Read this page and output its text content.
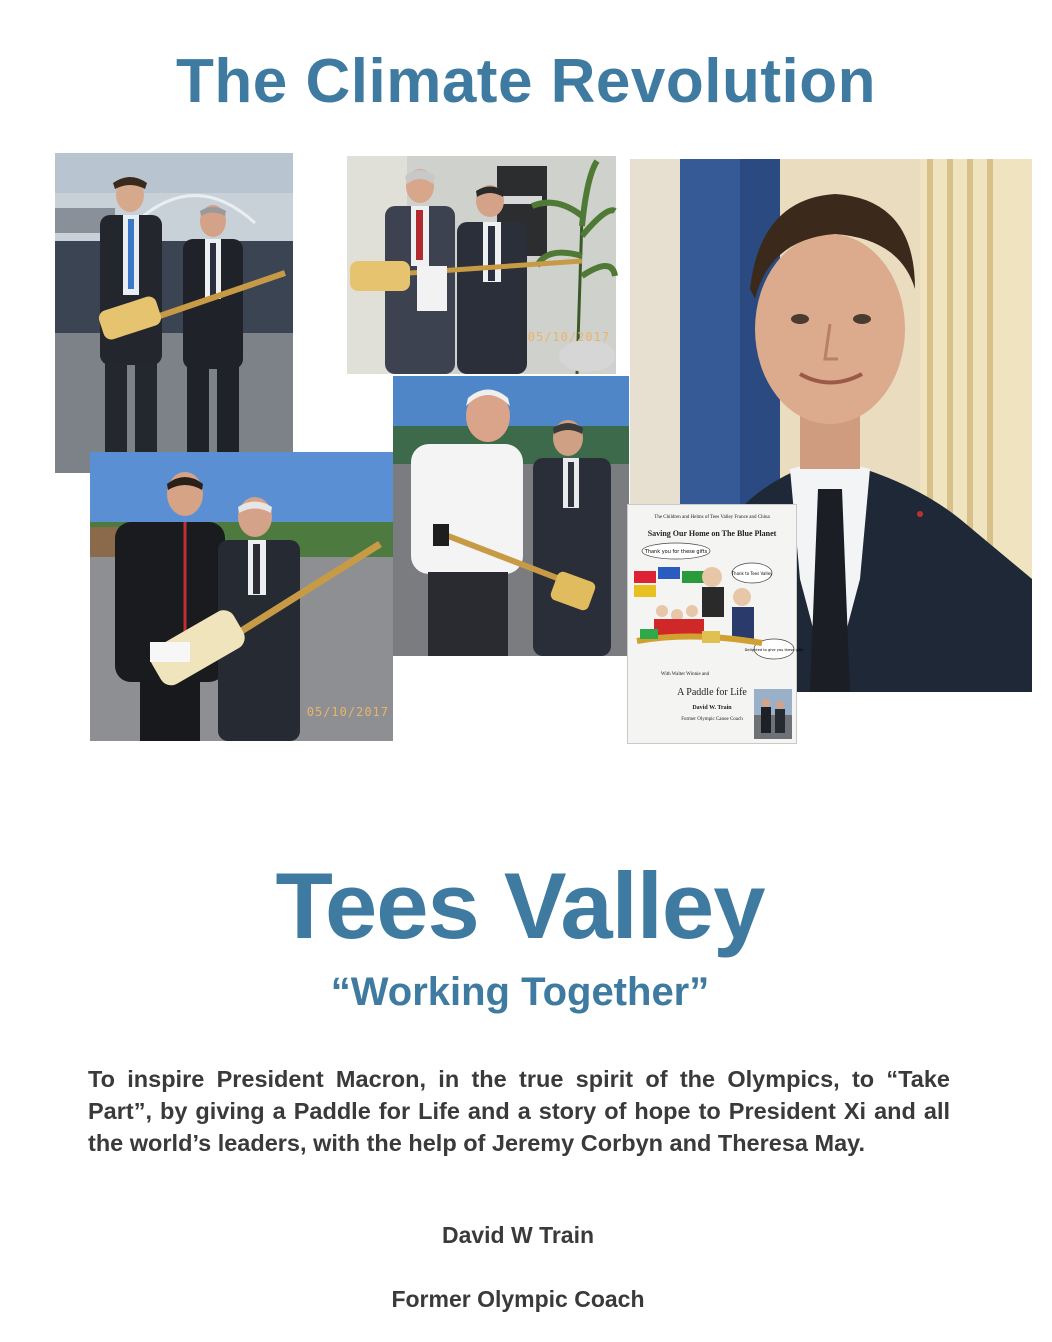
The Climate Revolution
05/10/2017
05/10/2017
The Children and Helms of Tees Valley France and China
Saving Our Home on The Blue Planet
Thank you for these gifts
Thank to Tees Valley
Delighted to give you these gifts
With Walter Winnie and
A Paddle for Life
David W. Train
Former Olympic Canoe Coach
Tees Valley
“Working Together”
To inspire President Macron, in the true spirit of the Olympics, to “Take Part”, by giving a Paddle for Life and a story of hope to President Xi and all the world’s leaders, with the help of Jeremy Corbyn and Theresa May.
David W Train
Former Olympic Coach
